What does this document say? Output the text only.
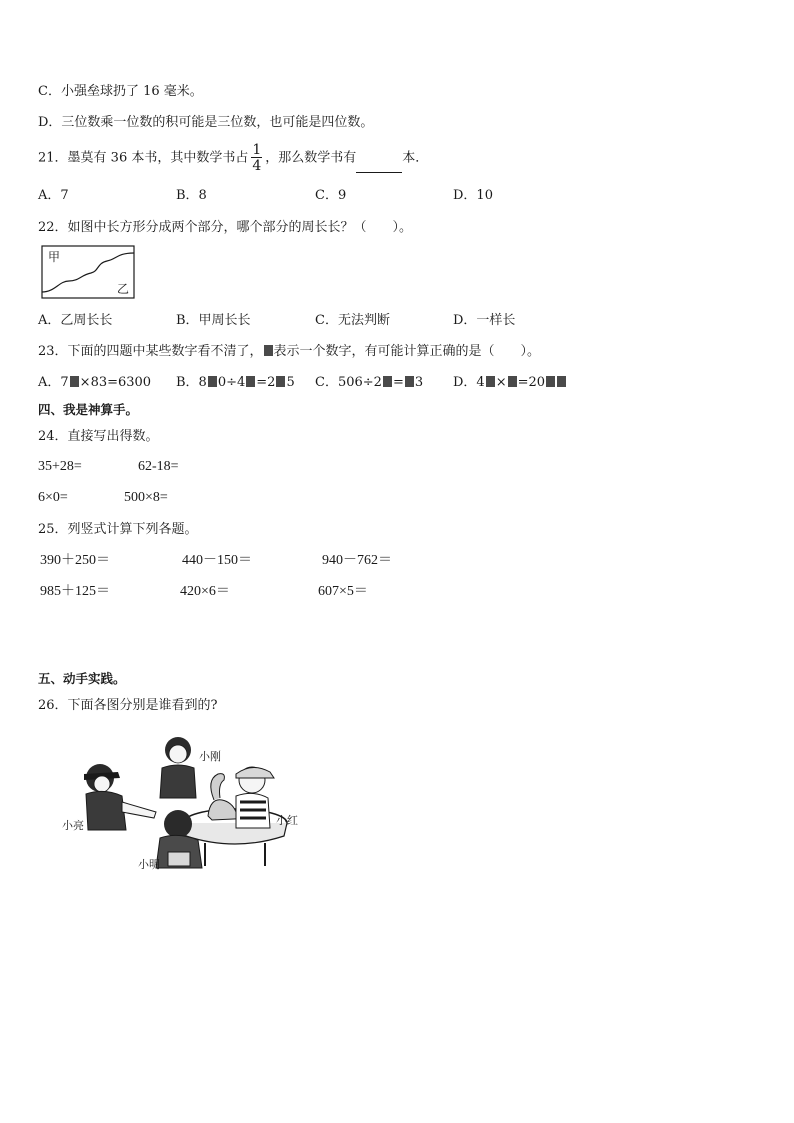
C．小强垒球扔了 16 毫米。
D．三位数乘一位数的积可能是三位数，也可能是四位数。
21．墨莫有 36 本书，其中数学书占 $\frac{1}{4}$ ，那么数学书有	本．
A．7	B．8	C．9	D．10
22．如图中长方形分成两个部分，哪个部分的周长长？（　　）。
甲
乙
A．乙周长长	B．甲周长长	C．无法判断	D．一样长
23．下面的四题中某些数字看不清了， 表示一个数字，有可能计算正确的是（　　）。
A．7 ×83=6300 B．8 0÷4 =2 5 C．506÷2 = 3 D．4 × =20
四、我是神算手。
24．直接写出得数。
35+28=	62-18=
6×0=	500×8=
25．列竖式计算下列各题。
390＋250＝	440－150＝	940－762＝
985＋125＝	420×6＝	607×5＝
五、动手实践。
26．下面各图分别是谁看到的?
小刚
小亮	小红
小明
